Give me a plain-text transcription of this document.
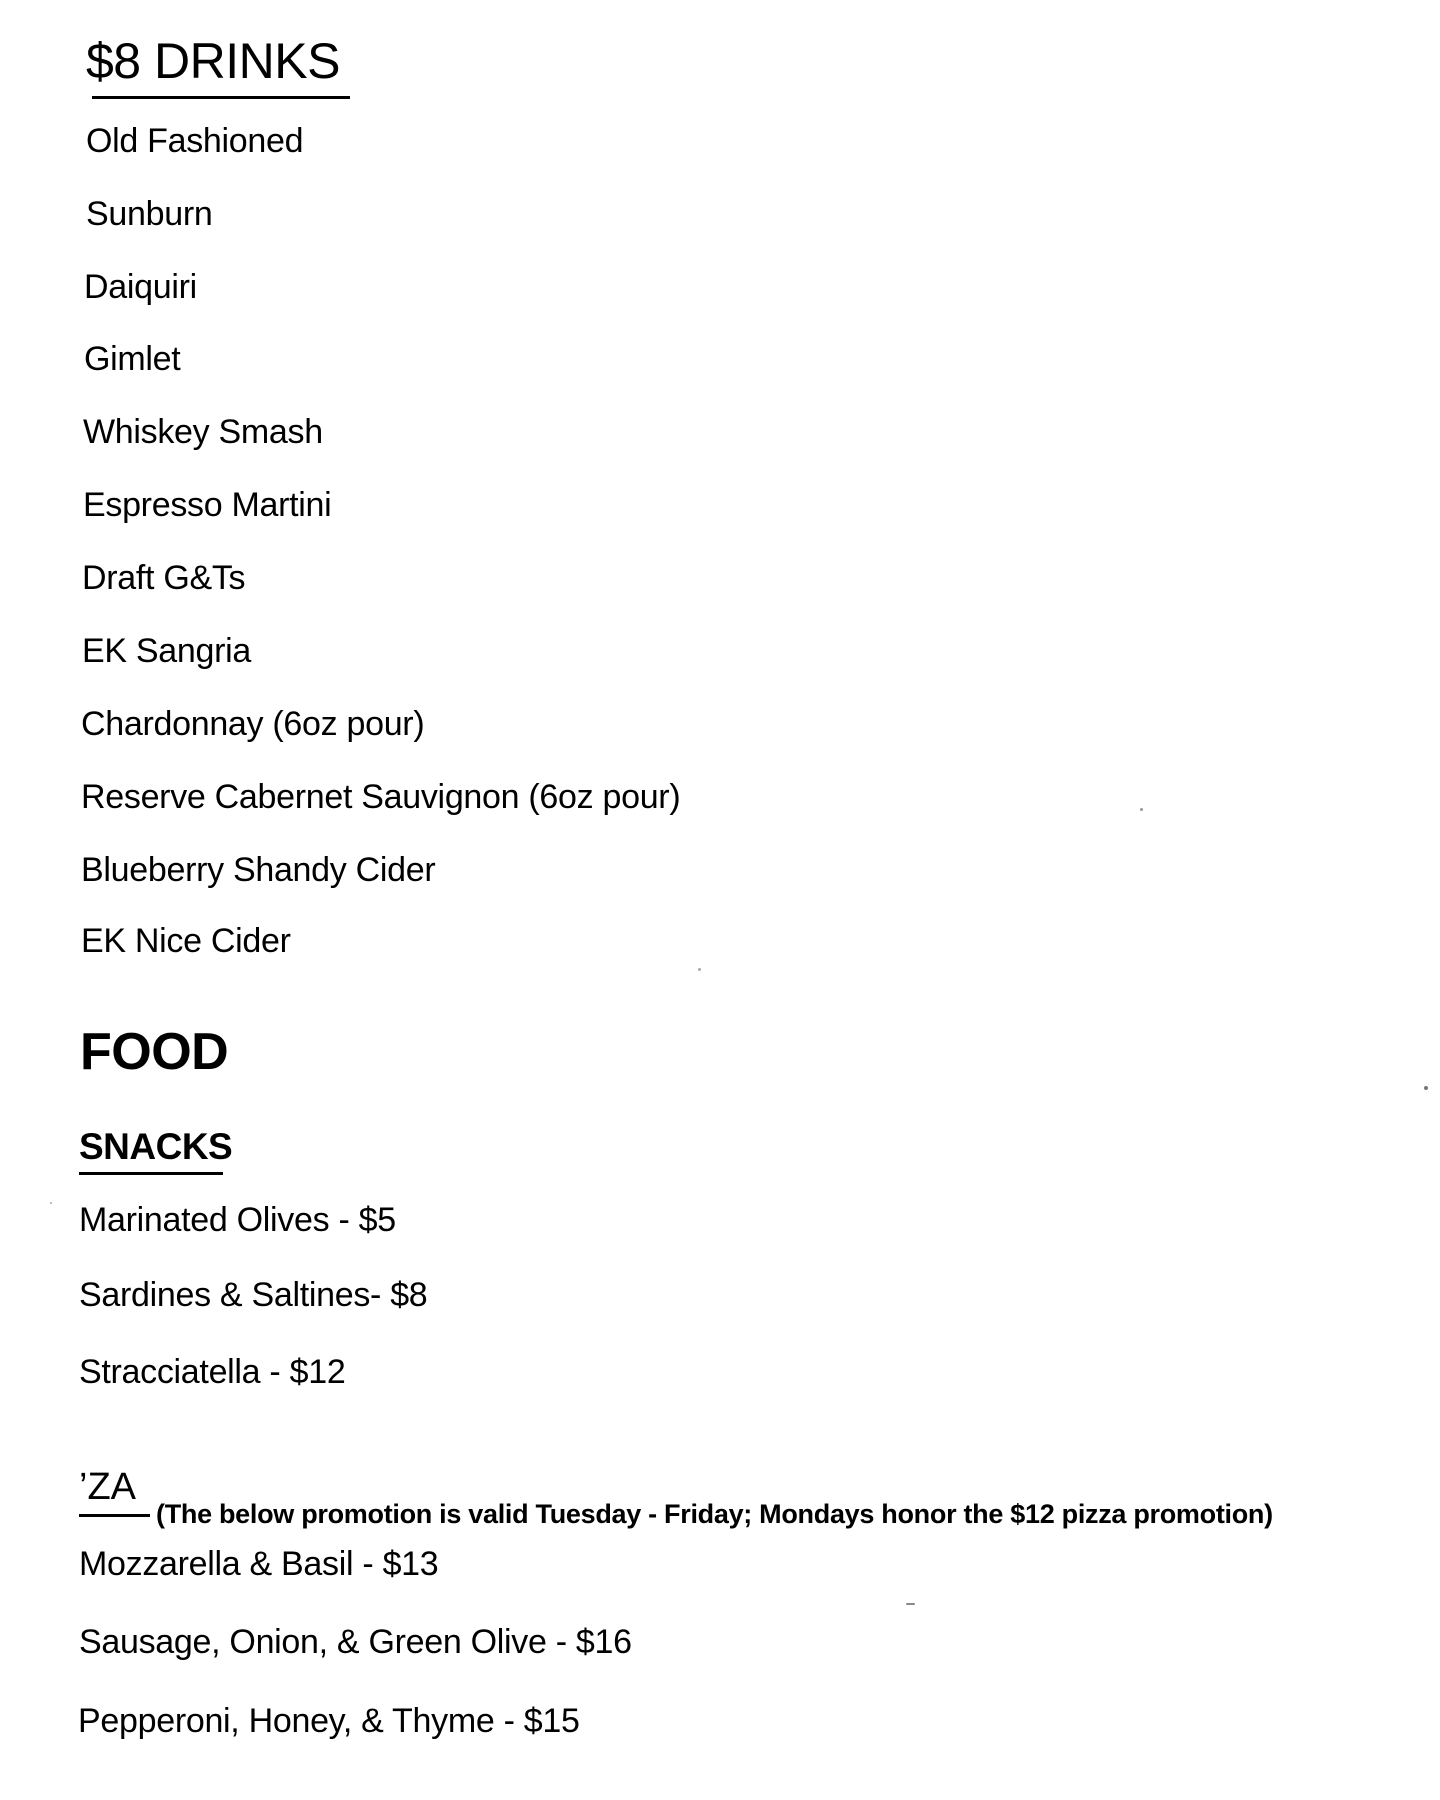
$8 DRINKS

Old Fashioned

Sunburn

Daiquiri

Gimlet

Whiskey Smash

Espresso Martini

Draft G&Ts

EK Sangria

Chardonnay (6oz pour)

Reserve Cabernet Sauvignon (6oz pour)

Blueberry Shandy Cider

EK Nice Cider

FOOD
SNACKS

Marinated Olives - $5

Sardines & Saltines- $8

Stracciatella - $12

’ZA

(The below promotion is valid Tuesday - Friday; Mondays honor the $12 pizza promotion)

Mozzarella & Basil - $13

Sausage, Onion, & Green Olive - $16

Pepperoni, Honey, & Thyme - $15
